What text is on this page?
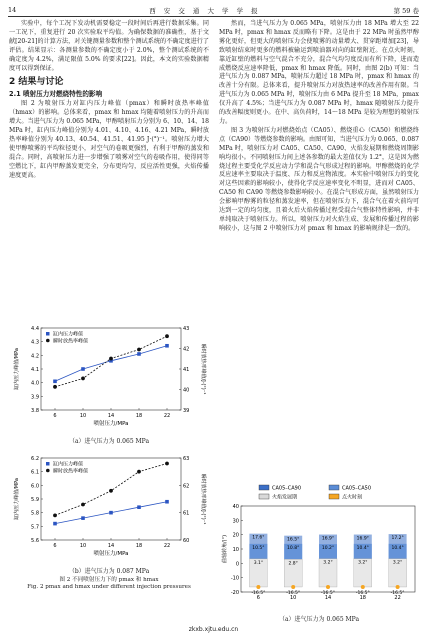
14	西 安 交 通 大 学 学 报	第 59 卷

实验中，每个工况下发动机需要稳定一段时间后再进行数据采集。同一工况下，重复进行 20 次实验取平均值。为确保数据的准确性，基于文献[20-21]的计算方法，对关键测量参数和整个测试系统的不确定度进行了评估。结果显示：各测量参数的不确定度小于 2.0%，整个测试系统的不确定度为 4.2%，满足限值 5.0% 的要求[22]。因此，本文的实验数据精度可以得到保证。

2 结果与讨论
2.1 喷射压力对燃烧特性的影响

图 2 为喷射压力对缸内压力峰值（pmax）和瞬时放热率峰值（hmax）的影响。总体来看，pmax 和 hmax 均随着喷射压力的升高而增大。当进气压力为 0.065 MPa，甲醇喷射压力分别为 6、10、14、18 MPa 时，缸内压力峰值分别为 4.01、4.10、4.16、4.21 MPa，瞬时放热率峰值分别为 40.13、40.54、41.51、41.95 J·(°)⁻¹。喷射压力增大使甲醇喷雾的平均粒径更小，对空气的卷吸更强烈，有利于甲醇的蒸发和混合。同时，高喷射压力进一步增强了喷雾对空气的卷吸作用，使得同等空燃比下，缸内甲醇蒸发更完全，分布更均匀，反应活性更强，火焰传播速度更高。

3.8
3.9
4.0
4.1
4.2
4.3
4.4
39
40
41
42
43
6	10	14	18	22
喷射压力/MPa
缸内压力峰值/MPa	瞬时放热率峰值/J·(°)⁻¹
缸内压力峰值
瞬时放热率峰值
（a）进气压力为 0.065 MPa
5.6
5.7
5.8
5.9
6.0
6.1
6.2
60
61
62
63
6	10	14	18	22
喷射压力/MPa
缸内压力峰值/MPa	瞬时放热率峰值/J·(°)⁻¹
缸内压力峰值
瞬时放热率峰值
（b）进气压力为 0.087 MPa
图 2 不同喷射压力下的 pmax 和 hmax
Fig. 2 pmax and hmax under different injection pressures

然而，当进气压力为 0.065 MPa，喷射压力由 18 MPa 增大至 22 MPa 时，pmax 和 hmax 反而略有下降。这是由于 22 MPa 时虽然甲醇雾化更好，但更大的喷射压力会使喷雾的动量增大、贯穿距增加[23]，导致喷射结束时更多的燃料被输运到喷油器对向的缸壁附近。在点火时刻，靠近缸壁的燃料与空气混合不充分，混合气均匀度反而有所下降，进而造成燃烧反应速率降低，pmax 和 hmax 降低。同时，由图 2(b) 可知：当进气压力为 0.087 MPa，喷射压力超过 18 MPa 时，pmax 和 hmax 的改善十分有限。总体来看，提升喷射压力对放热速率的改善作用有限。当进气压力为 0.065 MPa 时，喷射压力由 6 MPa 提升至 18 MPa，pmax 仅升高了 4.5%；当进气压力为 0.087 MPa 时，hmax 随喷射压力提升的改善幅度则更小。在中、高负荷时，14～18 MPa 是较为理想的喷射压力。

图 3 为喷射压力对燃烧始点（CA05）、燃烧重心（CA50）和燃烧终点（CA90）等燃烧参数的影响。由图可知，当进气压力为 0.065、0.087 MPa 时，喷射压力对 CA05、CA50、CA90、火焰发展期和燃烧周期影响均很小。不同喷射压力间上述各参数的最大差值仅为 1.2°，这是因为燃烧过程主要受化学反应动力学和混合气形成过程的影响。甲醇燃烧的化学反应速率主要取决于温度、压力和反应物浓度。本实验中喷射压力的变化对这些因素的影响较小，使得化学反应速率变化不明显，进而对 CA05、CA50 和 CA90 等燃烧参数影响较小。在混合气形成方面，虽然喷射压力会影响甲醇雾的粒径和蒸发速率，但在喷射压力下，混合气在着火前均可达到一定的均匀度，且着火后火焰传播过程受混合气整体特性影响，并非单纯取决于喷射压力。所以，喷射压力对火焰生成、发展和传播过程的影响较小，这与图 2 中喷射压力对 pmax 和 hmax 的影响规律是一致的。

CA05–CA90	CA05–CA50
火焰发展期	点火时刻
-20
-10
0
10
20
30
40
曲轴转角/(°)	17.6°
10.5°
3.1°
-16.5°
6
16.5°
10.8°
2.8°
-16.5°
10
16.9°
10.2°
3.2°
-16.5°
14
16.9°
10.4°
3.2°
-16.5°
18
17.2°
10.4°
3.2°
-16.5°
22
（a）进气压力为 0.065 MPa
zkxb.xjtu.edu.cn
